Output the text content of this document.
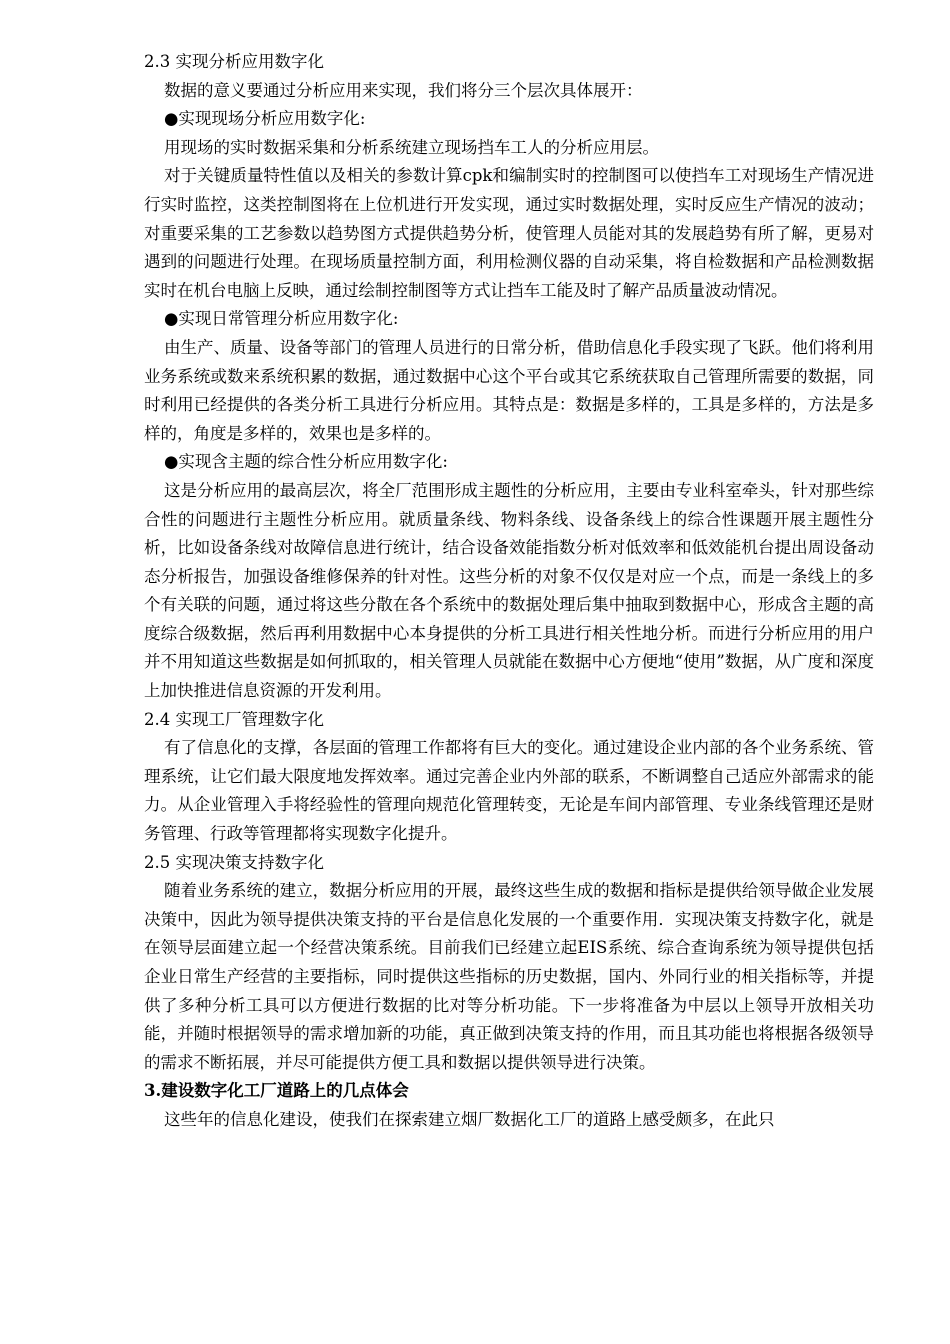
2.3 实现分析应用数字化

数据的意义要通过分析应用来实现，我们将分三个层次具体展开：

●实现现场分析应用数字化:

用现场的实时数据采集和分析系统建立现场挡车工人的分析应用层。

对于关键质量特性值以及相关的参数计算cpk和编制实时的控制图可以使挡车工对现场生产情况进行实时监控，这类控制图将在上位机进行开发实现，通过实时数据处理，实时反应生产情况的波动；对重要采集的工艺参数以趋势图方式提供趋势分析，使管理人员能对其的发展趋势有所了解，更易对遇到的问题进行处理。在现场质量控制方面，利用检测仪器的自动采集，将自检数据和产品检测数据实时在机台电脑上反映，通过绘制控制图等方式让挡车工能及时了解产品质量波动情况。

●实现日常管理分析应用数字化:

由生产、质量、设备等部门的管理人员进行的日常分析，借助信息化手段实现了飞跃。他们将利用业务系统或数来系统积累的数据，通过数据中心这个平台或其它系统获取自己管理所需要的数据，同时利用已经提供的各类分析工具进行分析应用。其特点是：数据是多样的，工具是多样的，方法是多样的，角度是多样的，效果也是多样的。

●实现含主题的综合性分析应用数字化:

这是分析应用的最高层次，将全厂范围形成主题性的分析应用，主要由专业科室牵头，针对那些综合性的问题进行主题性分析应用。就质量条线、物料条线、设备条线上的综合性课题开展主题性分析，比如设备条线对故障信息进行统计，结合设备效能指数分析对低效率和低效能机台提出周设备动态分析报告，加强设备维修保养的针对性。这些分析的对象不仅仅是对应一个点，而是一条线上的多个有关联的问题，通过将这些分散在各个系统中的数据处理后集中抽取到数据中心，形成含主题的高度综合级数据，然后再利用数据中心本身提供的分析工具进行相关性地分析。而进行分析应用的用户并不用知道这些数据是如何抓取的，相关管理人员就能在数据中心方便地“使用”数据，从广度和深度上加快推进信息资源的开发利用。

2.4 实现工厂管理数字化

有了信息化的支撑，各层面的管理工作都将有巨大的变化。通过建设企业内部的各个业务系统、管理系统，让它们最大限度地发挥效率。通过完善企业内外部的联系，不断调整自己适应外部需求的能力。从企业管理入手将经验性的管理向规范化管理转变，无论是车间内部管理、专业条线管理还是财务管理、行政等管理都将实现数字化提升。

2.5 实现决策支持数字化

随着业务系统的建立，数据分析应用的开展，最终这些生成的数据和指标是提供给领导做企业发展决策中，因此为领导提供决策支持的平台是信息化发展的一个重要作用．实现决策支持数字化，就是在领导层面建立起一个经营决策系统。目前我们已经建立起EIS系统、综合查询系统为领导提供包括企业日常生产经营的主要指标，同时提供这些指标的历史数据，国内、外同行业的相关指标等，并提供了多种分析工具可以方便进行数据的比对等分析功能。下一步将准备为中层以上领导开放相关功能，并随时根据领导的需求增加新的功能，真正做到决策支持的作用，而且其功能也将根据各级领导的需求不断拓展，并尽可能提供方便工具和数据以提供领导进行决策。

3.建设数字化工厂道路上的几点体会

这些年的信息化建设，使我们在探索建立烟厂数据化工厂的道路上感受颇多，在此只
